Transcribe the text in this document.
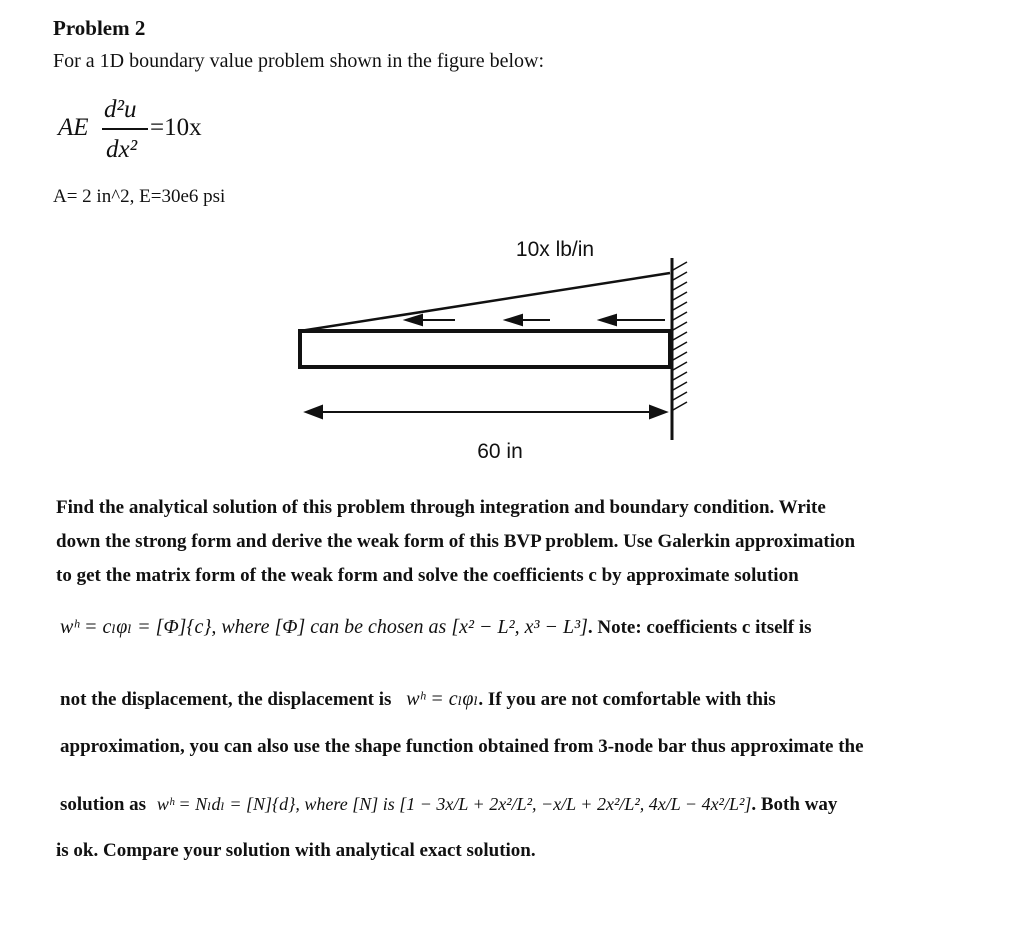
Problem 2
For a 1D boundary value problem shown in the figure below:
AE
d²u
dx²
=10x
A= 2 in^2, E=30e6 psi
10x lb/in
60 in
Find the analytical solution of this problem through integration and boundary condition. Write
down the strong form and derive the weak form of this BVP problem. Use Galerkin approximation
to get the matrix form of the weak form and solve the coefficients c by approximate solution
wʰ = cₗφₗ = [Φ]{c}, where [Φ] can be chosen as [x² − L², x³ − L³]. Note: coefficients c itself is
not the displacement, the displacement is wʰ = cₗφₗ. If you are not comfortable with this
approximation, you can also use the shape function obtained from 3-node bar thus approximate the
solution as wʰ = Nₗdₗ = [N]{d}, where [N] is [1 − 3x/L + 2x²/L², −x/L + 2x²/L², 4x/L − 4x²/L²]. Both way
is ok. Compare your solution with analytical exact solution.
